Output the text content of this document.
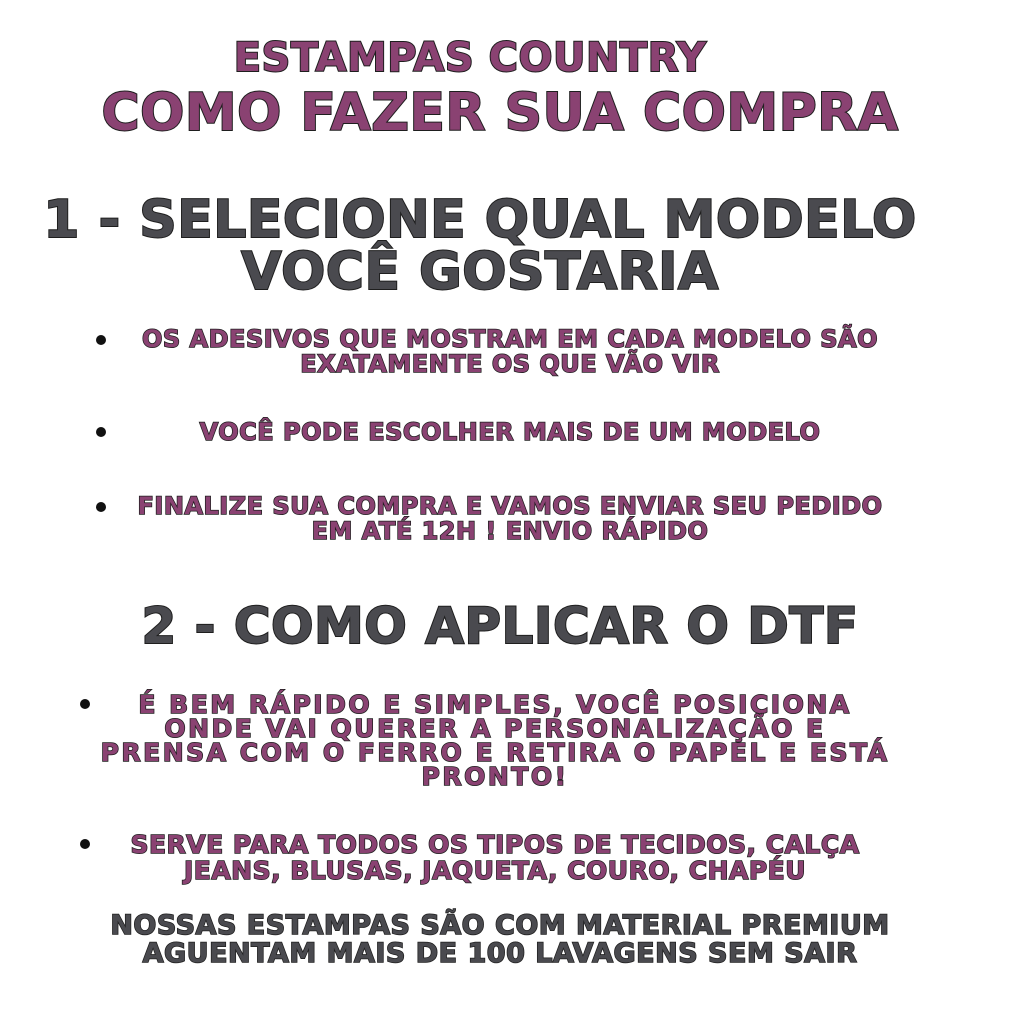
ESTAMPAS COUNTRY
COMO FAZER SUA COMPRA
1 - SELECIONE QUAL MODELO
VOCÊ GOSTARIA
OS ADESIVOS QUE MOSTRAM EM CADA MODELO SÃO
EXATAMENTE OS QUE VÃO VIR
VOCÊ PODE ESCOLHER MAIS DE UM MODELO
FINALIZE SUA COMPRA E VAMOS ENVIAR SEU PEDIDO
EM ATÉ 12H ! ENVIO RÁPIDO
2 - COMO APLICAR O DTF
É BEM RÁPIDO E SIMPLES, VOCÊ POSICIONA
ONDE VAI QUERER A PERSONALIZAÇÃO E
PRENSA COM O FERRO E RETIRA O PAPEL E ESTÁ
PRONTO!
SERVE PARA TODOS OS TIPOS DE TECIDOS, CALÇA
JEANS, BLUSAS, JAQUETA, COURO, CHAPÉU
NOSSAS ESTAMPAS SÃO COM MATERIAL PREMIUM
AGUENTAM MAIS DE 100 LAVAGENS SEM SAIR
